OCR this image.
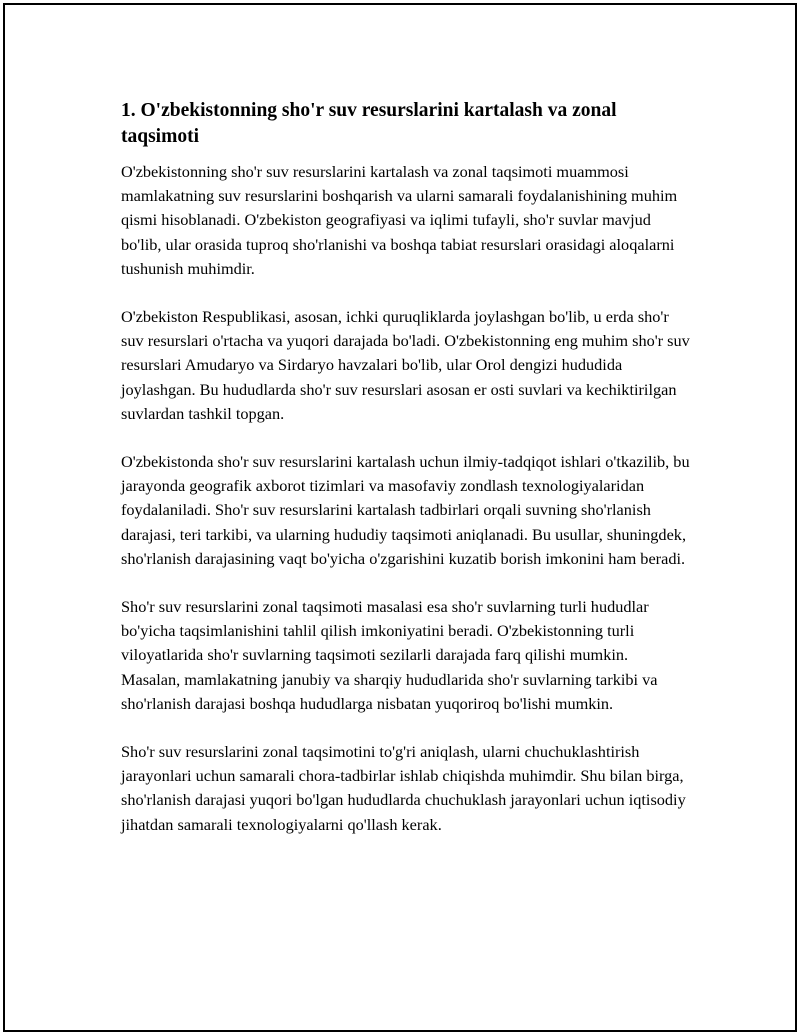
1. O'zbekistonning sho'r suv resurslarini kartalash va zonal taqsimoti

O'zbekistonning sho'r suv resurslarini kartalash va zonal taqsimoti muammosi mamlakatning suv resurslarini boshqarish va ularni samarali foydalanishining muhim qismi hisoblanadi. O'zbekiston geografiyasi va iqlimi tufayli, sho'r suvlar mavjud bo'lib, ular orasida tuproq sho'rlanishi va boshqa tabiat resurslari orasidagi aloqalarni tushunish muhimdir.

O'zbekiston Respublikasi, asosan, ichki quruqliklarda joylashgan bo'lib, u erda sho'r suv resurslari o'rtacha va yuqori darajada bo'ladi. O'zbekistonning eng muhim sho'r suv resurslari Amudaryo va Sirdaryo havzalari bo'lib, ular Orol dengizi hududida joylashgan. Bu hududlarda sho'r suv resurslari asosan er osti suvlari va kechiktirilgan suvlardan tashkil topgan.

O'zbekistonda sho'r suv resurslarini kartalash uchun ilmiy-tadqiqot ishlari o'tkazilib, bu jarayonda geografik axborot tizimlari va masofaviy zondlash texnologiyalaridan foydalaniladi. Sho'r suv resurslarini kartalash tadbirlari orqali suvning sho'rlanish darajasi, teri tarkibi, va ularning hududiy taqsimoti aniqlanadi. Bu usullar, shuningdek, sho'rlanish darajasining vaqt bo'yicha o'zgarishini kuzatib borish imkonini ham beradi.

Sho'r suv resurslarini zonal taqsimoti masalasi esa sho'r suvlarning turli hududlar bo'yicha taqsimlanishini tahlil qilish imkoniyatini beradi. O'zbekistonning turli viloyatlarida sho'r suvlarning taqsimoti sezilarli darajada farq qilishi mumkin. Masalan, mamlakatning janubiy va sharqiy hududlarida sho'r suvlarning tarkibi va sho'rlanish darajasi boshqa hududlarga nisbatan yuqoriroq bo'lishi mumkin.

Sho'r suv resurslarini zonal taqsimotini to'g'ri aniqlash, ularni chuchuklashtirish jarayonlari uchun samarali chora-tadbirlar ishlab chiqishda muhimdir. Shu bilan birga, sho'rlanish darajasi yuqori bo'lgan hududlarda chuchuklash jarayonlari uchun iqtisodiy jihatdan samarali texnologiyalarni qo'llash kerak.
